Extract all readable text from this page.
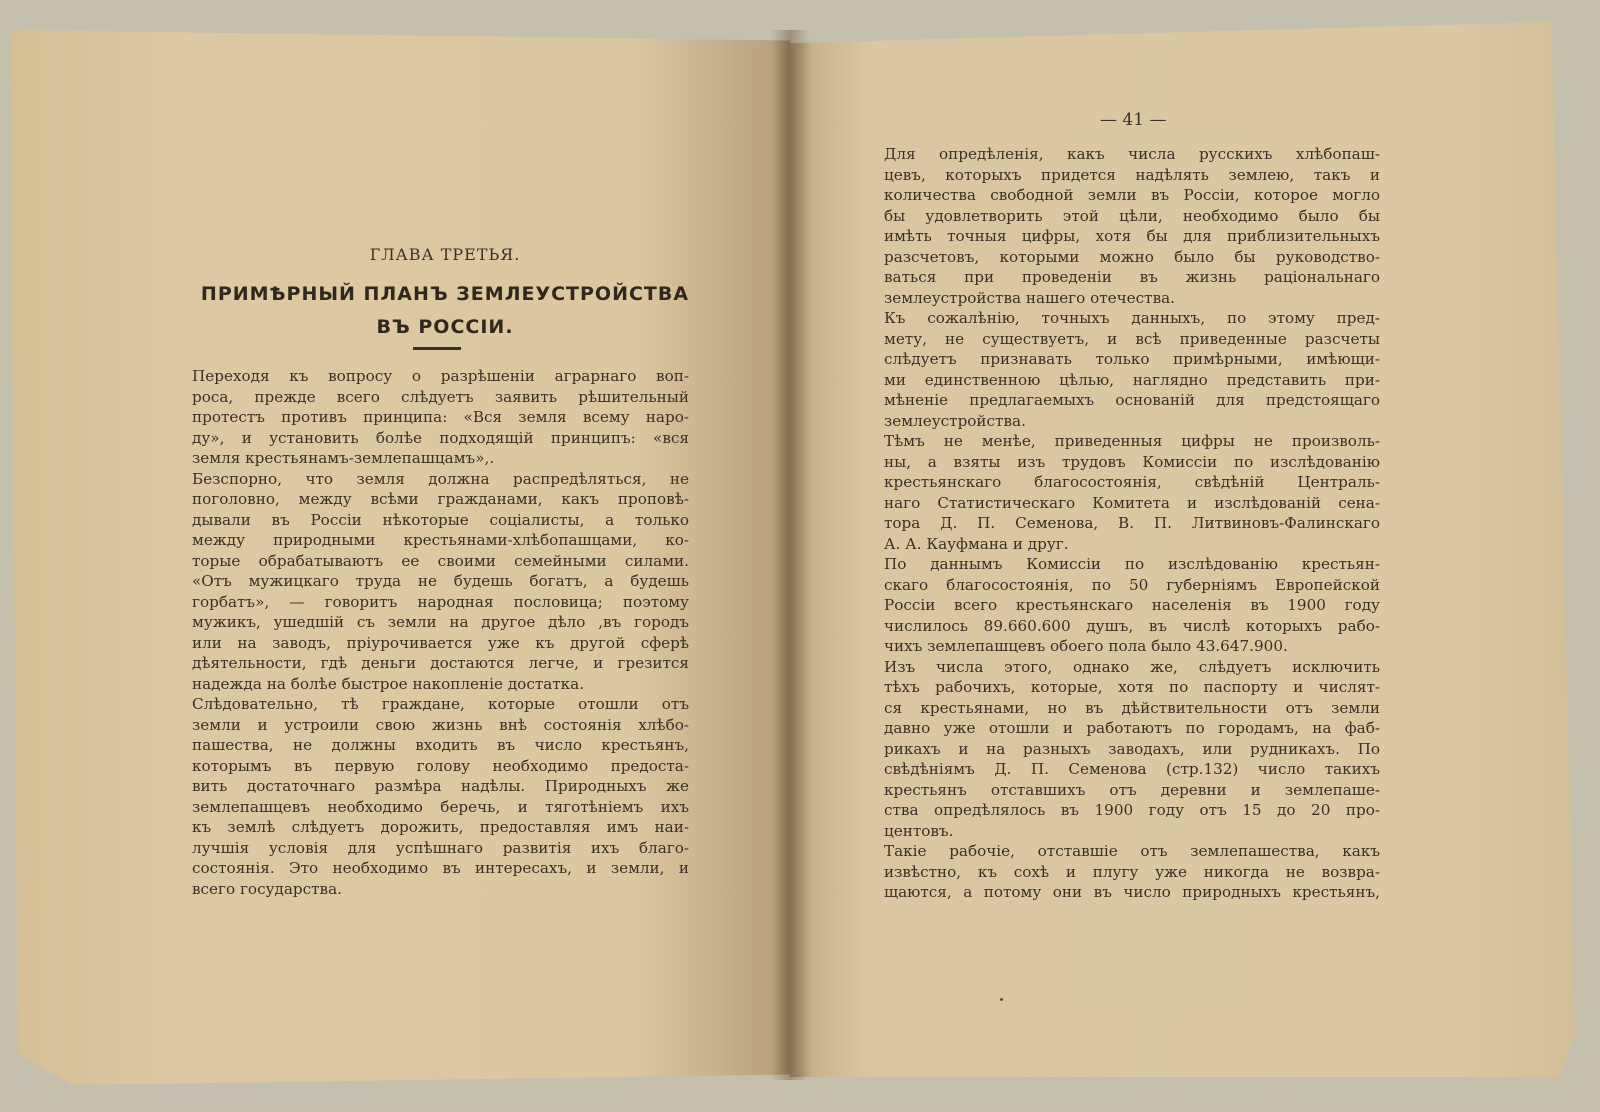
ГЛАВА ТРЕТЬЯ.
ПРИМѢРНЫЙ ПЛАНЪ ЗЕМЛЕУСТРОЙСТВА
ВЪ РОССІИ.
Переходя къ вопросу о разрѣшеніи аграрнаго воп-
роса, прежде всего слѣдуетъ заявить рѣшительный
протестъ противъ принципа: «Вся земля всему наро-
ду», и установить болѣе подходящій принципъ: «вся
земля крестьянамъ-землепашцамъ»,.
Безспорно, что земля должна распредѣляться, не
поголовно, между всѣми гражданами, какъ проповѣ-
дывали въ Россіи нѣкоторые соціалисты, а только
между природными крестьянами-хлѣбопашцами, ко-
торые обрабатываютъ ее своими семейными силами.
«Отъ мужицкаго труда не будешь богатъ, а будешь
горбатъ», — говоритъ народная пословица; поэтому
мужикъ, ушедшій съ земли на другое дѣло ,въ городъ
или на заводъ, пріурочивается уже къ другой сферѣ
дѣятельности, гдѣ деньги достаются легче, и грезится
надежда на болѣе быстрое накопленіе достатка.
Слѣдовательно, тѣ граждане, которые отошли отъ
земли и устроили свою жизнь внѣ состоянія хлѣбо-
пашества, не должны входить въ число крестьянъ,
которымъ въ первую голову необходимо предоста-
вить достаточнаго размѣра надѣлы. Природныхъ же
землепашцевъ необходимо беречь, и тяготѣніемъ ихъ
къ землѣ слѣдуетъ дорожить, предоставляя имъ наи-
лучшія условія для успѣшнаго развитія ихъ благо-
состоянія. Это необходимо въ интересахъ, и земли, и
всего государства.
— 41 —
Для опредѣленія, какъ числа русскихъ хлѣбопаш-
цевъ, которыхъ придется надѣлять землею, такъ и
количества свободной земли въ Россіи, которое могло
бы удовлетворить этой цѣли, необходимо было бы
имѣть точныя цифры, хотя бы для приблизительныхъ
разсчетовъ, которыми можно было бы руководство-
ваться при проведеніи въ жизнь раціональнаго
землеустройства нашего отечества.
Къ сожалѣнію, точныхъ данныхъ, по этому пред-
мету, не существуетъ, и всѣ приведенные разсчеты
слѣдуетъ признавать только примѣрными, имѣющи-
ми единственною цѣлью, наглядно представить при-
мѣненіе предлагаемыхъ основаній для предстоящаго
землеустройства.
Тѣмъ не менѣе, приведенныя цифры не произволь-
ны, а взяты изъ трудовъ Комиссіи по изслѣдованію
крестьянскаго благосостоянія, свѣдѣній Централь-
наго Статистическаго Комитета и изслѣдованій сена-
тора Д. П. Семенова, В. П. Литвиновъ-Фалинскаго
А. А. Кауфмана и друг.
По даннымъ Комиссіи по изслѣдованію крестьян-
скаго благосостоянія, по 50 губерніямъ Европейской
Россіи всего крестьянскаго населенія въ 1900 году
числилось 89.660.600 душъ, въ числѣ которыхъ рабо-
чихъ землепашцевъ обоего пола было 43.647.900.
Изъ числа этого, однако же, слѣдуетъ исключить
тѣхъ рабочихъ, которые, хотя по паспорту и числят-
ся крестьянами, но въ дѣйствительности отъ земли
давно уже отошли и работаютъ по городамъ, на фаб-
рикахъ и на разныхъ заводахъ, или рудникахъ. По
свѣдѣніямъ Д. П. Семенова (стр.132) число такихъ
крестьянъ отставшихъ отъ деревни и землепаше-
ства опредѣлялось въ 1900 году отъ 15 до 20 про-
центовъ.
Такіе рабочіе, отставшіе отъ землепашества, какъ
извѣстно, къ сохѣ и плугу уже никогда не возвра-
щаются, а потому они въ число природныхъ крестьянъ,
